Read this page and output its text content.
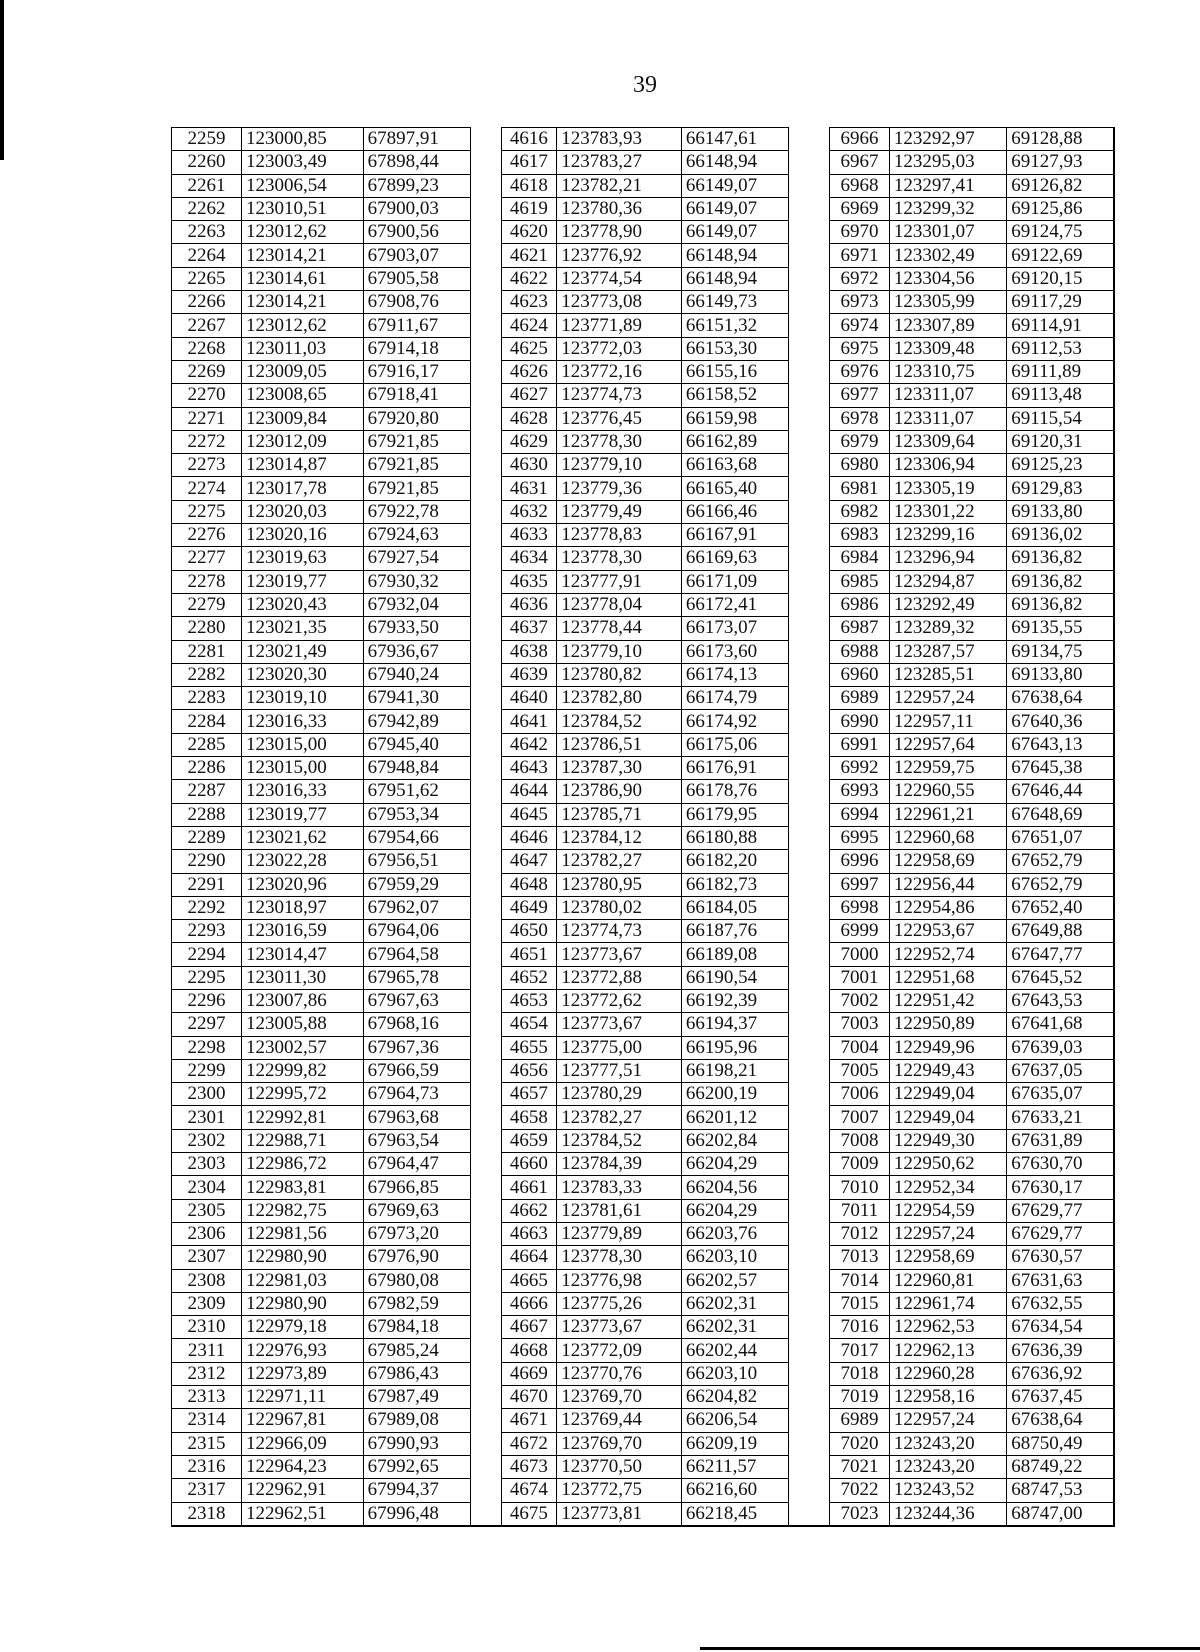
39
2259	123000,85	67897,91		4616	123783,93	66147,61		6966	123292,97	69128,88
2260	123003,49	67898,44		4617	123783,27	66148,94		6967	123295,03	69127,93
2261	123006,54	67899,23		4618	123782,21	66149,07		6968	123297,41	69126,82
2262	123010,51	67900,03		4619	123780,36	66149,07		6969	123299,32	69125,86
2263	123012,62	67900,56		4620	123778,90	66149,07		6970	123301,07	69124,75
2264	123014,21	67903,07		4621	123776,92	66148,94		6971	123302,49	69122,69
2265	123014,61	67905,58		4622	123774,54	66148,94		6972	123304,56	69120,15
2266	123014,21	67908,76		4623	123773,08	66149,73		6973	123305,99	69117,29
2267	123012,62	67911,67		4624	123771,89	66151,32		6974	123307,89	69114,91
2268	123011,03	67914,18		4625	123772,03	66153,30		6975	123309,48	69112,53
2269	123009,05	67916,17		4626	123772,16	66155,16		6976	123310,75	69111,89
2270	123008,65	67918,41		4627	123774,73	66158,52		6977	123311,07	69113,48
2271	123009,84	67920,80		4628	123776,45	66159,98		6978	123311,07	69115,54
2272	123012,09	67921,85		4629	123778,30	66162,89		6979	123309,64	69120,31
2273	123014,87	67921,85		4630	123779,10	66163,68		6980	123306,94	69125,23
2274	123017,78	67921,85		4631	123779,36	66165,40		6981	123305,19	69129,83
2275	123020,03	67922,78		4632	123779,49	66166,46		6982	123301,22	69133,80
2276	123020,16	67924,63		4633	123778,83	66167,91		6983	123299,16	69136,02
2277	123019,63	67927,54		4634	123778,30	66169,63		6984	123296,94	69136,82
2278	123019,77	67930,32		4635	123777,91	66171,09		6985	123294,87	69136,82
2279	123020,43	67932,04		4636	123778,04	66172,41		6986	123292,49	69136,82
2280	123021,35	67933,50		4637	123778,44	66173,07		6987	123289,32	69135,55
2281	123021,49	67936,67		4638	123779,10	66173,60		6988	123287,57	69134,75
2282	123020,30	67940,24		4639	123780,82	66174,13		6960	123285,51	69133,80
2283	123019,10	67941,30		4640	123782,80	66174,79		6989	122957,24	67638,64
2284	123016,33	67942,89		4641	123784,52	66174,92		6990	122957,11	67640,36
2285	123015,00	67945,40		4642	123786,51	66175,06		6991	122957,64	67643,13
2286	123015,00	67948,84		4643	123787,30	66176,91		6992	122959,75	67645,38
2287	123016,33	67951,62		4644	123786,90	66178,76		6993	122960,55	67646,44
2288	123019,77	67953,34		4645	123785,71	66179,95		6994	122961,21	67648,69
2289	123021,62	67954,66		4646	123784,12	66180,88		6995	122960,68	67651,07
2290	123022,28	67956,51		4647	123782,27	66182,20		6996	122958,69	67652,79
2291	123020,96	67959,29		4648	123780,95	66182,73		6997	122956,44	67652,79
2292	123018,97	67962,07		4649	123780,02	66184,05		6998	122954,86	67652,40
2293	123016,59	67964,06		4650	123774,73	66187,76		6999	122953,67	67649,88
2294	123014,47	67964,58		4651	123773,67	66189,08		7000	122952,74	67647,77
2295	123011,30	67965,78		4652	123772,88	66190,54		7001	122951,68	67645,52
2296	123007,86	67967,63		4653	123772,62	66192,39		7002	122951,42	67643,53
2297	123005,88	67968,16		4654	123773,67	66194,37		7003	122950,89	67641,68
2298	123002,57	67967,36		4655	123775,00	66195,96		7004	122949,96	67639,03
2299	122999,82	67966,59		4656	123777,51	66198,21		7005	122949,43	67637,05
2300	122995,72	67964,73		4657	123780,29	66200,19		7006	122949,04	67635,07
2301	122992,81	67963,68		4658	123782,27	66201,12		7007	122949,04	67633,21
2302	122988,71	67963,54		4659	123784,52	66202,84		7008	122949,30	67631,89
2303	122986,72	67964,47		4660	123784,39	66204,29		7009	122950,62	67630,70
2304	122983,81	67966,85		4661	123783,33	66204,56		7010	122952,34	67630,17
2305	122982,75	67969,63		4662	123781,61	66204,29		7011	122954,59	67629,77
2306	122981,56	67973,20		4663	123779,89	66203,76		7012	122957,24	67629,77
2307	122980,90	67976,90		4664	123778,30	66203,10		7013	122958,69	67630,57
2308	122981,03	67980,08		4665	123776,98	66202,57		7014	122960,81	67631,63
2309	122980,90	67982,59		4666	123775,26	66202,31		7015	122961,74	67632,55
2310	122979,18	67984,18		4667	123773,67	66202,31		7016	122962,53	67634,54
2311	122976,93	67985,24		4668	123772,09	66202,44		7017	122962,13	67636,39
2312	122973,89	67986,43		4669	123770,76	66203,10		7018	122960,28	67636,92
2313	122971,11	67987,49		4670	123769,70	66204,82		7019	122958,16	67637,45
2314	122967,81	67989,08		4671	123769,44	66206,54		6989	122957,24	67638,64
2315	122966,09	67990,93		4672	123769,70	66209,19		7020	123243,20	68750,49
2316	122964,23	67992,65		4673	123770,50	66211,57		7021	123243,20	68749,22
2317	122962,91	67994,37		4674	123772,75	66216,60		7022	123243,52	68747,53
2318	122962,51	67996,48		4675	123773,81	66218,45		7023	123244,36	68747,00
